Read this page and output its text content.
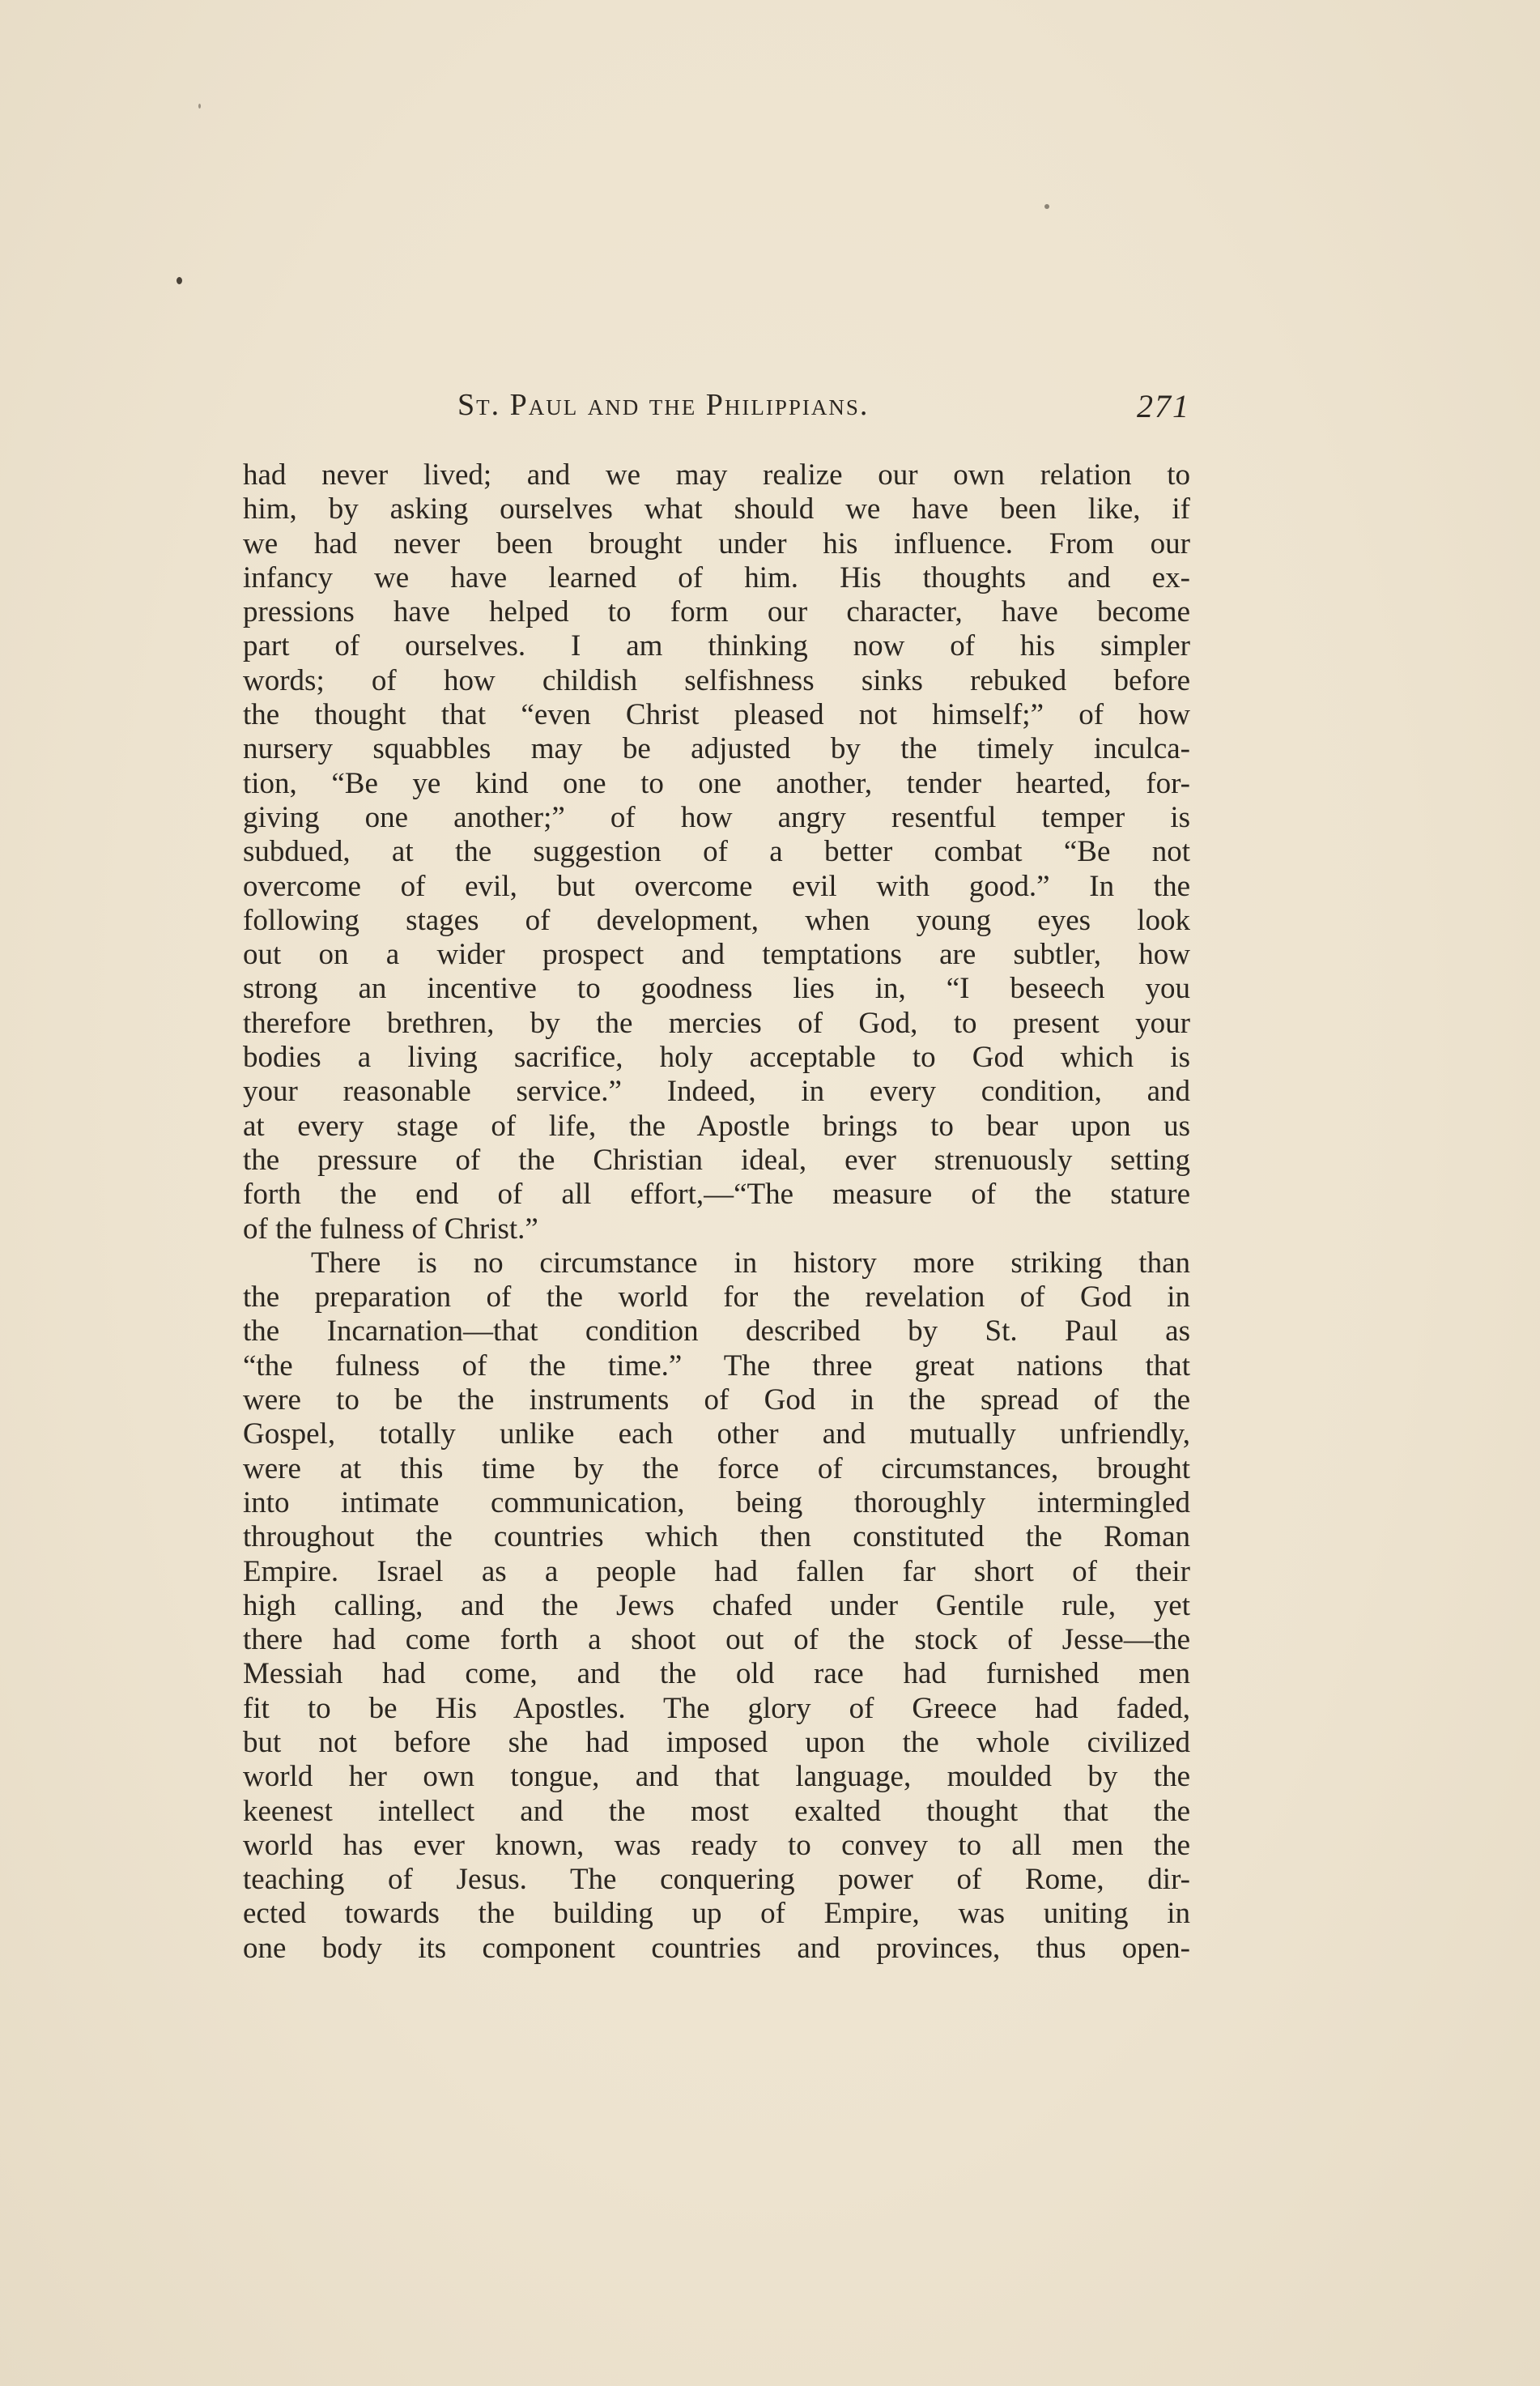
St. Paul and the Philippians.	271
had never lived; and we may realize our own relation to
him, by asking ourselves what should we have been like, if
we had never been brought under his influence. From our
infancy we have learned of him. His thoughts and ex-
pressions have helped to form our character, have become
part of ourselves. I am thinking now of his simpler
words; of how childish selfishness sinks rebuked before
the thought that “even Christ pleased not himself;” of how
nursery squabbles may be adjusted by the timely inculca-
tion, “Be ye kind one to one another, tender hearted, for-
giving one another;” of how angry resentful temper is
subdued, at the suggestion of a better combat “Be not
overcome of evil, but overcome evil with good.” In the
following stages of development, when young eyes look
out on a wider prospect and temptations are subtler, how
strong an incentive to goodness lies in, “I beseech you
therefore brethren, by the mercies of God, to present your
bodies a living sacrifice, holy acceptable to God which is
your reasonable service.” Indeed, in every condition, and
at every stage of life, the Apostle brings to bear upon us
the pressure of the Christian ideal, ever strenuously setting
forth the end of all effort,—“The measure of the stature
of the fulness of Christ.”
There is no circumstance in history more striking than
the preparation of the world for the revelation of God in
the Incarnation—that condition described by St. Paul as
“the fulness of the time.” The three great nations that
were to be the instruments of God in the spread of the
Gospel, totally unlike each other and mutually unfriendly,
were at this time by the force of circumstances, brought
into intimate communication, being thoroughly intermingled
throughout the countries which then constituted the Roman
Empire. Israel as a people had fallen far short of their
high calling, and the Jews chafed under Gentile rule, yet
there had come forth a shoot out of the stock of Jesse—the
Messiah had come, and the old race had furnished men
fit to be His Apostles. The glory of Greece had faded,
but not before she had imposed upon the whole civilized
world her own tongue, and that language, moulded by the
keenest intellect and the most exalted thought that the
world has ever known, was ready to convey to all men the
teaching of Jesus. The conquering power of Rome, dir-
ected towards the building up of Empire, was uniting in
one body its component countries and provinces, thus open-
